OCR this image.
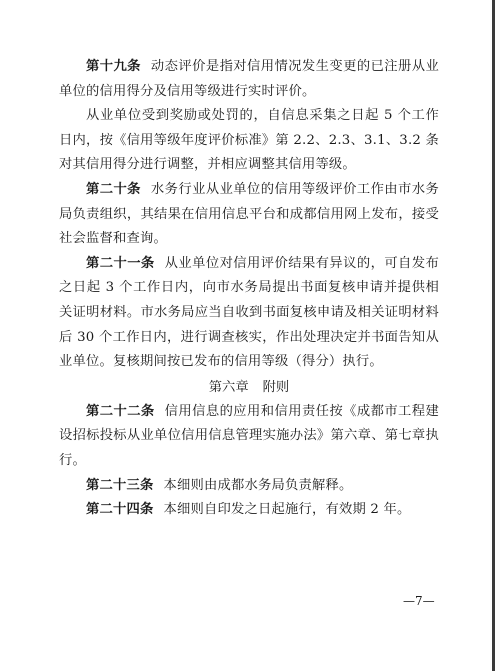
第十九条 动态评价是指对信用情况发生变更的已注册从业单位的信用得分及信用等级进行实时评价。

从业单位受到奖励或处罚的，自信息采集之日起 5 个工作日内，按《信用等级年度评价标准》第 2.2、2.3、3.1、3.2 条对其信用得分进行调整，并相应调整其信用等级。

第二十条 水务行业从业单位的信用等级评价工作由市水务局负责组织，其结果在信用信息平台和成都信用网上发布，接受社会监督和查询。

第二十一条 从业单位对信用评价结果有异议的，可自发布之日起 3 个工作日内，向市水务局提出书面复核申请并提供相关证明材料。市水务局应当自收到书面复核申请及相关证明材料后 30 个工作日内，进行调查核实，作出处理决定并书面告知从业单位。复核期间按已发布的信用等级（得分）执行。

第六章 附则

第二十二条 信用信息的应用和信用责任按《成都市工程建设招标投标从业单位信用信息管理实施办法》第六章、第七章执行。

第二十三条 本细则由成都水务局负责解释。

第二十四条 本细则自印发之日起施行，有效期 2 年。

—7—
